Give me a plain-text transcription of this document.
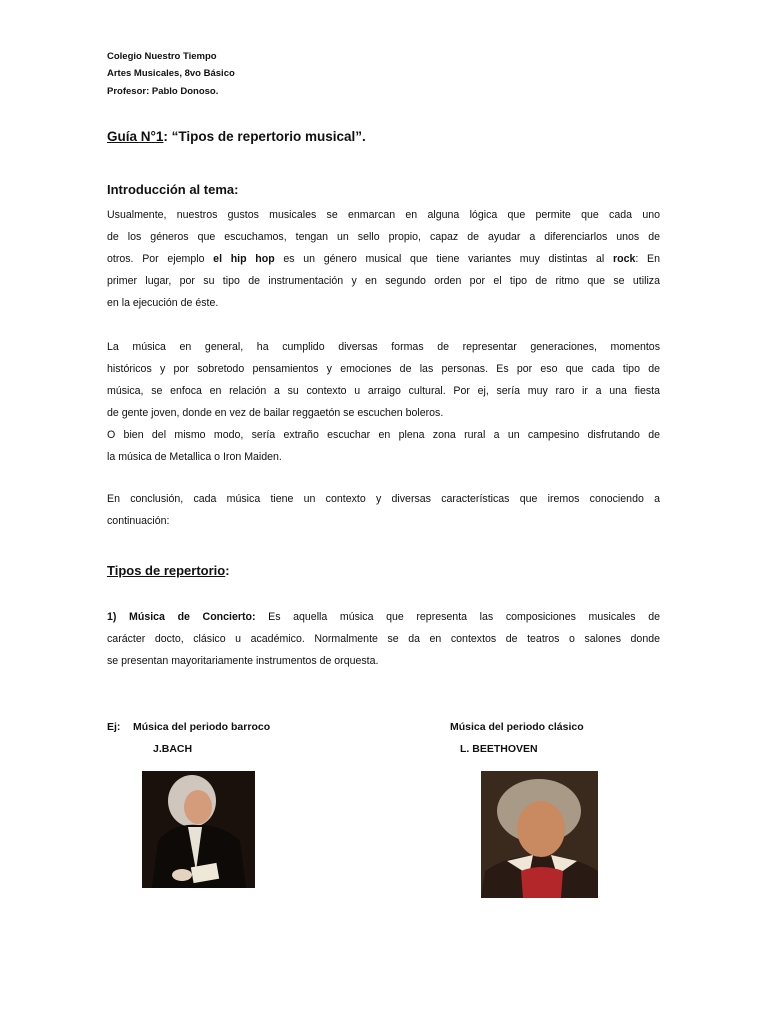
Colegio Nuestro Tiempo
Artes Musicales, 8vo Básico
Profesor: Pablo Donoso.
Guía N°1: “Tipos de repertorio musical”.
Introducción al tema:
Usualmente, nuestros gustos musicales se enmarcan en alguna lógica que permite que cada uno
de los géneros que escuchamos, tengan un sello propio, capaz de ayudar a diferenciarlos unos de
otros. Por ejemplo el hip hop es un género musical que tiene variantes muy distintas al rock: En
primer lugar, por su tipo de instrumentación y en segundo orden por el tipo de ritmo que se utiliza
en la ejecución de éste.
La música en general, ha cumplido diversas formas de representar generaciones, momentos
históricos y por sobretodo pensamientos y emociones de las personas. Es por eso que cada tipo de
música, se enfoca en relación a su contexto u arraigo cultural. Por ej, sería muy raro ir a una fiesta
de gente joven, donde en vez de bailar reggaetón se escuchen boleros.
O bien del mismo modo, sería extraño escuchar en plena zona rural a un campesino disfrutando de
la música de Metallica o Iron Maiden.
En conclusión, cada música tiene un contexto y diversas características que iremos conociendo a
continuación:
Tipos de repertorio:
1) Música de Concierto: Es aquella música que representa las composiciones musicales de
carácter docto, clásico u académico. Normalmente se da en contextos de teatros o salones donde
se presentan mayoritariamente instrumentos de orquesta.
Ej: Música del periodo barroco
J.BACH
Música del periodo clásico
L. BEETHOVEN
